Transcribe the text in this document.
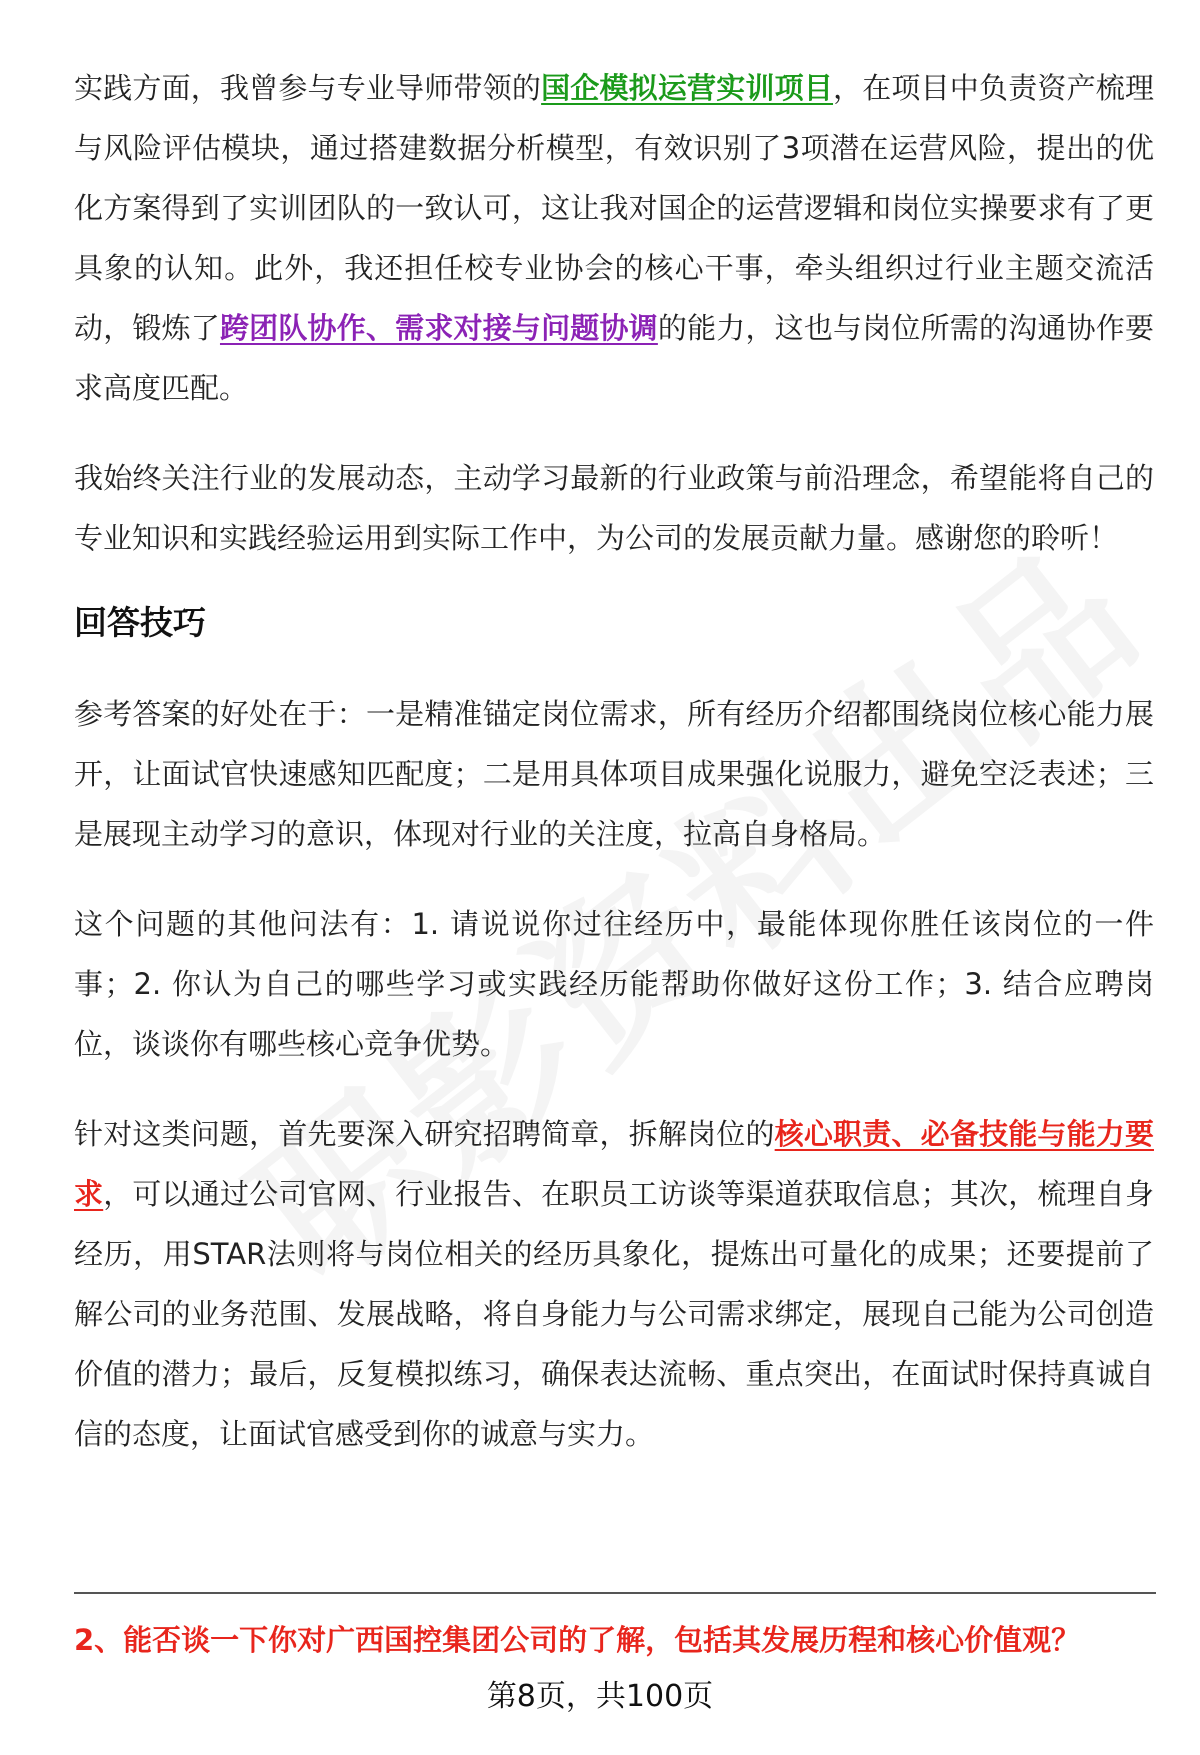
实践方面，我曾参与专业导师带领的国企模拟运营实训项目，在项目中负责资产梳理与风险评估模块，通过搭建数据分析模型，有效识别了3项潜在运营风险，提出的优化方案得到了实训团队的一致认可，这让我对国企的运营逻辑和岗位实操要求有了更具象的认知。此外，我还担任校专业协会的核心干事，牵头组织过行业主题交流活动，锻炼了跨团队协作、需求对接与问题协调的能力，这也与岗位所需的沟通协作要求高度匹配。

我始终关注行业的发展动态，主动学习最新的行业政策与前沿理念，希望能将自己的专业知识和实践经验运用到实际工作中，为公司的发展贡献力量。感谢您的聆听！

回答技巧

参考答案的好处在于：一是精准锚定岗位需求，所有经历介绍都围绕岗位核心能力展开，让面试官快速感知匹配度；二是用具体项目成果强化说服力，避免空泛表述；三是展现主动学习的意识，体现对行业的关注度，拉高自身格局。

这个问题的其他问法有：1. 请说说你过往经历中，最能体现你胜任该岗位的一件事；2. 你认为自己的哪些学习或实践经历能帮助你做好这份工作；3. 结合应聘岗位，谈谈你有哪些核心竞争优势。

针对这类问题，首先要深入研究招聘简章，拆解岗位的核心职责、必备技能与能力要求，可以通过公司官网、行业报告、在职员工访谈等渠道获取信息；其次，梳理自身经历，用STAR法则将与岗位相关的经历具象化，提炼出可量化的成果；还要提前了解公司的业务范围、发展战略，将自身能力与公司需求绑定，展现自己能为公司创造价值的潜力；最后，反复模拟练习，确保表达流畅、重点突出，在面试时保持真诚自信的态度，让面试官感受到你的诚意与实力。

2、能否谈一下你对广西国控集团公司的了解，包括其发展历程和核心价值观？
第8页，共100页
